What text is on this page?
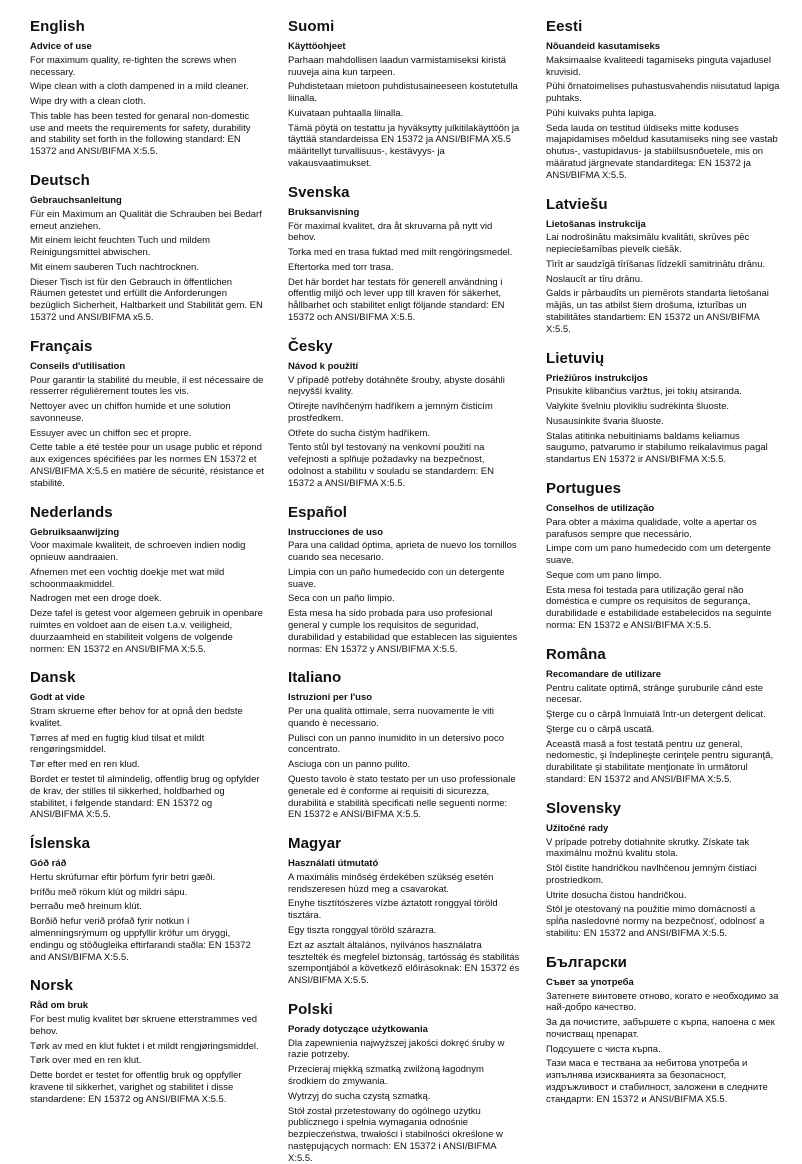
English
Advice of use

For maximum quality, re-tighten the screws when necessary.

Wipe clean with a cloth dampened in a mild cleaner.

Wipe dry with a clean cloth.

This table has been tested for genaral non-domestic use and meets the requirements for safety, durability and stability set forth in the following standard: EN 15372 and ANSI/BIFMA X:5.5.

Deutsch
Gebrauchsanleitung

Für ein Maximum an Qualität die Schrauben bei Bedarf erneut anziehen.

Mit einem leicht feuchten Tuch und mildem Reinigungsmittel abwischen.

Mit einem sauberen Tuch nachtrocknen.

Dieser Tisch ist für den Gebrauch in öffentlichen Räumen getestet und erfüllt die Anforderungen bezüglich Sicherheit, Haltbarkeit und Stabilität gem. EN 15372 und ANSI/BIFMA x5.5.

Français
Conseils d'utilisation

Pour garantir la stabilité du meuble, il est nécessaire de resserrer régulièrement toutes les vis.

Nettoyer avec un chiffon humide et une solution savonneuse.

Essuyer avec un chiffon sec et propre.

Cette table a été testée pour un usage public et répond aux exigences spécifiées par les normes EN 15372 et ANSI/BIFMA X:5.5 en matière de sécurité, résistance et stabilité.

Nederlands
Gebruiksaanwijzing

Voor maximale kwaliteit, de schroeven indien nodig opnieuw aandraaien.

Afnemen met een vochtig doekje met wat mild schoonmaakmiddel.

Nadrogen met een droge doek.

Deze tafel is getest voor algemeen gebruik in openbare ruimtes en voldoet aan de eisen t.a.v. veiligheid, duurzaamheid en stabiliteit volgens de volgende normen: EN 15372 en ANSI/BIFMA X:5.5.

Dansk
Godt at vide

Stram skruerne efter behov for at opnå den bedste kvalitet.

Tørres af med en fugtig klud tilsat et mildt rengøringsmiddel.

Tør efter med en ren klud.

Bordet er testet til almindelig, offentlig brug og opfylder de krav, der stilles til sikkerhed, holdbarhed og stabilitet, i følgende standard: EN 15372 og ANSI/BIFMA X:5.5.

Íslenska
Góð ráð

Hertu skrúfurnar eftir þörfum fyrir betri gæði.

Þrífðu með rökum klút og mildri sápu.

Þerraðu með hreinum klút.

Borðið hefur verið prófað fyrir notkun í almenningsrýmum og uppfyllir kröfur um öryggi, endingu og stöðugleika eftirfarandi staðla: EN 15372 and ANSI/BIFMA X:5.5.

Norsk
Råd om bruk

For best mulig kvalitet bør skruene etterstrammes ved behov.

Tørk av med en klut fuktet i et mildt rengjøringsmiddel.

Tørk over med en ren klut.

Dette bordet er testet for offentlig bruk og oppfyller kravene til sikkerhet, varighet og stabilitet i disse standardene: EN 15372 og ANSI/BIFMA X:5.5.

Suomi
Käyttöohjeet

Parhaan mahdollisen laadun varmistamiseksi kiristä ruuveja aina kun tarpeen.

Puhdistetaan mietoon puhdistusaineeseen kostutetulla liinalla.

Kuivataan puhtaalla liinalla.

Tämä pöytä on testattu ja hyväksytty julkitilakäyttöön ja täyttää standardeissa EN 15372 ja ANSI/BIFMA X5.5 määritellyt turvallisuus-, kestävyys- ja vakausvaatimukset.

Svenska
Bruksanvisning

För maximal kvalitet, dra åt skruvarna på nytt vid behov.

Torka med en trasa fuktad med milt rengöringsmedel.

Eftertorka med torr trasa.

Det här bordet har testats för generell användning i offentlig miljö och lever upp till kraven för säkerhet, hållbarhet och stabilitet enligt följande standard: EN 15372 och ANSI/BIFMA X:5.5.

Česky
Návod k použití

V případě potřeby dotáhněte šrouby, abyste dosáhli nejvyšší kvality.

Otírejte navlhčeným hadříkem a jemným čisticím prostředkem.

Otřete do sucha čistým hadříkem.

Tento stůl byl testovaný na venkovní použití na veřejnosti a splňuje požadavky na bezpečnost, odolnost a stabilitu v souladu se standardem: EN 15372 a ANSI/BIFMA X:5.5.

Español
Instrucciones de uso

Para una calidad óptima, aprieta de nuevo los tornillos cuando sea necesario.

Limpia con un paño humedecido con un detergente suave.

Seca con un paño limpio.

Esta mesa ha sido probada para uso profesional general y cumple los requisitos de seguridad, durabilidad y estabilidad que establecen las siguientes normas: EN 15372 y ANSI/BIFMA X:5.5.

Italiano
Istruzioni per l'uso

Per una qualità ottimale, serra nuovamente le viti quando è necessario.

Pulisci con un panno inumidito in un detersivo poco concentrato.

Asciuga con un panno pulito.

Questo tavolo è stato testato per un uso professionale generale ed è conforme ai requisiti di sicurezza, durabilità e stabilità specificati nelle seguenti norme: EN 15372 e ANSI/BIFMA X:5.5.

Magyar
Használati útmutató

A maximális minőség érdekében szükség esetén rendszeresen húzd meg a csavarokat.

Enyhe tisztítószeres vízbe áztatott ronggyal töröld tisztára.

Egy tiszta ronggyal töröld szárazra.

Ezt az asztalt általános, nyilvános használatra tesztelték és megfelel biztonság, tartósság és stabilitás szempontjából a következő előírásoknak: EN 15372 és ANSI/BIFMA X:5.5.

Polski
Porady dotyczące użytkowania

Dla zapewnienia najwyższej jakości dokręć śruby w razie potrzeby.

Przecieraj miękką szmatką zwilżoną łagodnym środkiem do zmywania.

Wytrzyj do sucha czystą szmatką.

Stół został przetestowany do ogólnego użytku publicznego i spełnia wymagania odnośnie bezpieczeństwa, trwałości i stabilności określone w następujących normach: EN 15372 i ANSI/BIFMA X:5.5.

Eesti
Nõuandeid kasutamiseks

Maksimaalse kvaliteedi tagamiseks pinguta vajadusel kruvisid.

Pühi õrnatoimelises puhastusvahendis niisutatud lapiga puhtaks.

Pühi kuivaks puhta lapiga.

Seda lauda on testitud üldiseks mitte koduses majapidamises mõeldud kasutamiseks ning see vastab ohutus-, vastupidavus- ja stabiilsusnõuetele, mis on määratud järgnevate standarditega: EN 15372 ja ANSI/BIFMA X:5.5.

Latviešu
Lietošanas instrukcija

Lai nodrošinātu maksimālu kvalitāti, skrūves pēc nepieciešamības pievelk ciešāk.

Tīrīt ar saudzīgā tīrīšanas līdzeklī samitrinātu drānu.

Noslaucīt ar tīru drānu.

Galds ir pārbaudīts un piemērots standarta lietošanai mājās, un tas atbilst šiem drošuma, izturības un stabilitātes standartiem: EN 15372 un ANSI/BIFMA X:5.5.

Lietuvių
Priežiūros instrukcijos

Prisukite klibančius varžtus, jei tokių atsiranda.

Valykite švelniu plovikliu sudrėkinta šluoste.

Nusausinkite švaria šluoste.

Stalas atitinka nebuitiniams baldams keliamus saugumo, patvarumo ir stabilumo reikalavimus pagal standartus EN 15372 ir ANSI/BIFMA X:5.5.

Portugues
Conselhos de utilização

Para obter a máxima qualidade, volte a apertar os parafusos sempre que necessário.

Limpe com um pano humedecido com um detergente suave.

Seque com um pano limpo.

Esta mesa foi testada para utilização geral não doméstica e cumpre os requisitos de segurança, durabilidade e estabilidade estabelecidos na seguinte norma: EN 15372 e ANSI/BIFMA X:5.5.

Româna
Recomandare de utilizare

Pentru calitate optimă, strânge şuruburile când este necesar.

Şterge cu o cârpă înmuiată într-un detergent delicat.

Şterge cu o cârpă uscată.

Această masă a fost testată pentru uz general, nedomestic, şi îndeplineşte cerinţele pentru siguranţă, durabilitate şi stabilitate menţionate în următorul standard: EN 15372 and ANSI/BIFMA X:5.5.

Slovensky
Užitočné rady

V prípade potreby dotiahnite skrutky. Získate tak maximálnu možnú kvalitu stola.

Stôl čistite handričkou navlhčenou jemným čistiaci prostriedkom.

Utrite dosucha čistou handričkou.

Stôl je otestovaný na použitie mimo domácností a spĺňa nasledovné normy na bezpečnosť, odolnosť a stabilitu: EN 15372 and ANSI/BIFMA X:5.5.

Български
Съвет за употреба

Затегнете винтовете отново, когато е необходимо за най-добро качество.

За да почистите, забършете с кърпа, напоена с мек почистващ препарат.

Подсушете с чиста кърпа.

Тази маса е тествана за небитова употреба и изпълнява изискванията за безопасност, издръжливост и стабилност, заложени в следните стандарти: EN 15372 и ANSI/BIFMA X5.5.
